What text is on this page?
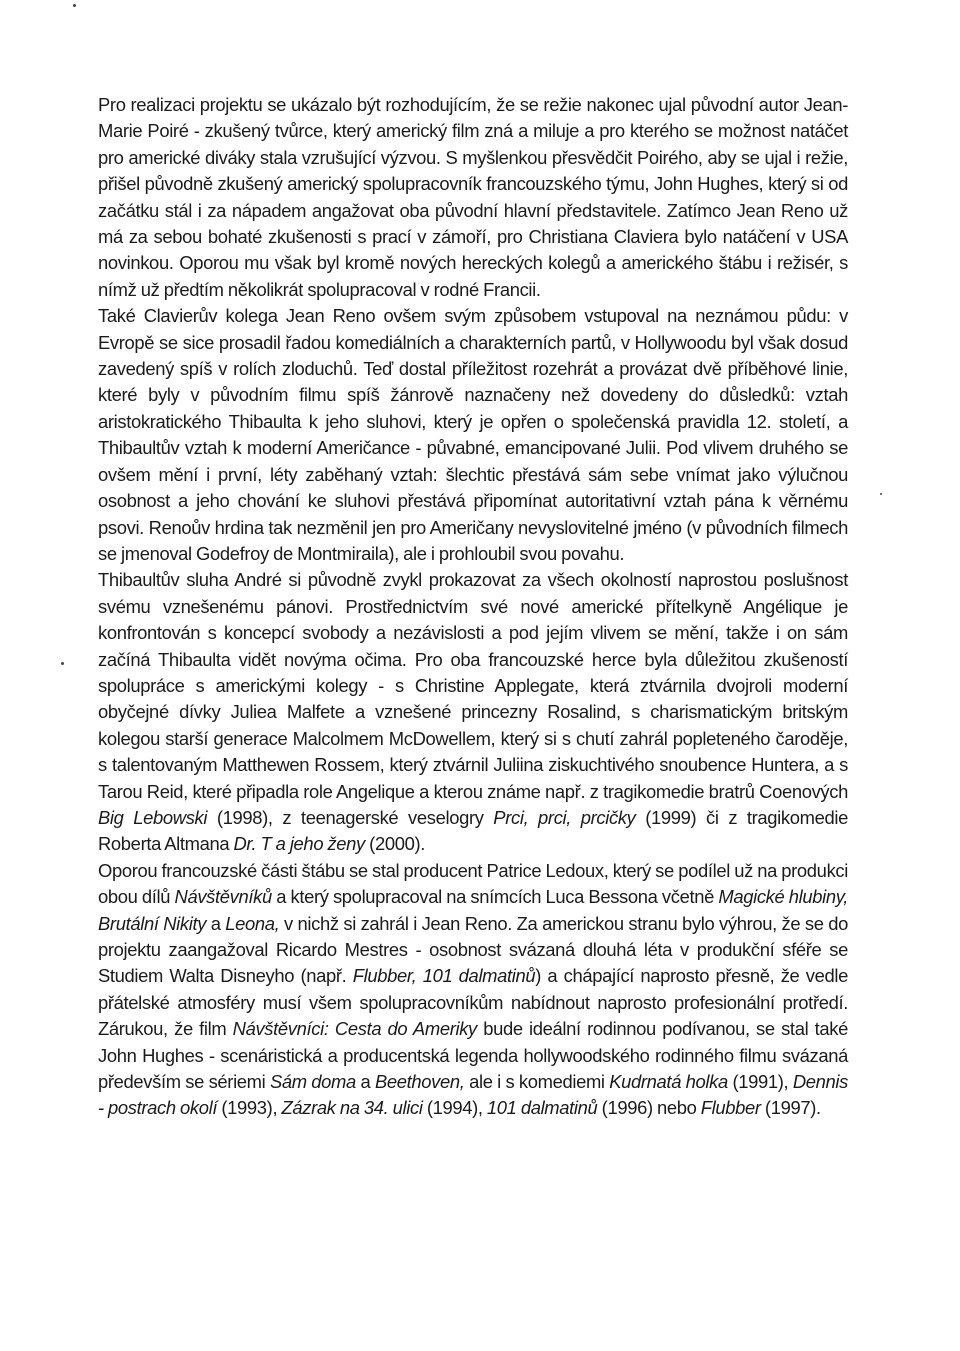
Pro realizaci projektu se ukázalo být rozhodujícím, že se režie nakonec ujal původní autor Jean-Marie Poiré - zkušený tvůrce, který americký film zná a miluje a pro kterého se možnost natáčet pro americké diváky stala vzrušující výzvou. S myšlenkou přesvědčit Poirého, aby se ujal i režie, přišel původně zkušený americký spolupracovník francouzského týmu, John Hughes, který si od začátku stál i za nápadem angažovat oba původní hlavní představitele. Zatímco Jean Reno už má za sebou bohaté zkušenosti s prací v zámoří, pro Christiana Claviera bylo natáčení v USA novinkou. Oporou mu však byl kromě nových hereckých kolegů a amerického štábu i režisér, s nímž už předtím několikrát spolupracoval v rodné Francii.

Také Clavierův kolega Jean Reno ovšem svým způsobem vstupoval na neznámou půdu: v Evropě se sice prosadil řadou komediálních a charakterních partů, v Hollywoodu byl však dosud zavedený spíš v rolích zloduchů. Teď dostal příležitost rozehrát a provázat dvě příběhové linie, které byly v původním filmu spíš žánrově naznačeny než dovedeny do důsledků: vztah aristokratického Thibaulta k jeho sluhovi, který je opřen o společenská pravidla 12. století, a Thibaultův vztah k moderní Američance - půvabné, emancipované Julii. Pod vlivem druhého se ovšem mění i první, léty zaběhaný vztah: šlechtic přestává sám sebe vnímat jako výlučnou osobnost a jeho chování ke sluhovi přestává připomínat autoritativní vztah pána k věrnému psovi. Renoův hrdina tak nezměnil jen pro Američany nevyslovitelné jméno (v původních filmech se jmenoval Godefroy de Montmiraila), ale i prohloubil svou povahu.

Thibaultův sluha André si původně zvykl prokazovat za všech okolností naprostou poslušnost svému vznešenému pánovi. Prostřednictvím své nové americké přítelkyně Angélique je konfrontován s koncepcí svobody a nezávislosti a pod jejím vlivem se mění, takže i on sám začíná Thibaulta vidět novýma očima. Pro oba francouzské herce byla důležitou zkušeností spolupráce s americkými kolegy - s Christine Applegate, která ztvárnila dvojroli moderní obyčejné dívky Juliea Malfete a vznešené princezny Rosalind, s charismatickým britským kolegou starší generace Malcolmem McDowellem, který si s chutí zahrál popleteného čaroděje, s talentovaným Matthewen Rossem, který ztvárnil Juliina ziskuchtivého snoubence Huntera, a s Tarou Reid, které připadla role Angelique a kterou známe např. z tragikomedie bratrů Coenových Big Lebowski (1998), z teenagerské veselogry Prci, prci, prcičky (1999) či z tragikomedie Roberta Altmana Dr. T a jeho ženy (2000).

Oporou francouzské části štábu se stal producent Patrice Ledoux, který se podílel už na produkci obou dílů Návštěvníků a který spolupracoval na snímcích Luca Bessona včetně Magické hlubiny, Brutální Nikity a Leona, v nichž si zahrál i Jean Reno. Za americkou stranu bylo výhrou, že se do projektu zaangažoval Ricardo Mestres - osobnost svázaná dlouhá léta v produkční sféře se Studiem Walta Disneyho (např. Flubber, 101 dalmatinů) a chápající naprosto přesně, že vedle přátelské atmosféry musí všem spolupracovníkům nabídnout naprosto profesionální protředí. Zárukou, že film Návštěvníci: Cesta do Ameriky bude ideální rodinnou podívanou, se stal také John Hughes - scenáristická a producentská legenda hollywoodského rodinného filmu svázaná především se sériemi Sám doma a Beethoven, ale i s komediemi Kudrnatá holka (1991), Dennis - postrach okolí (1993), Zázrak na 34. ulici (1994), 101 dalmatinů (1996) nebo Flubber (1997).
